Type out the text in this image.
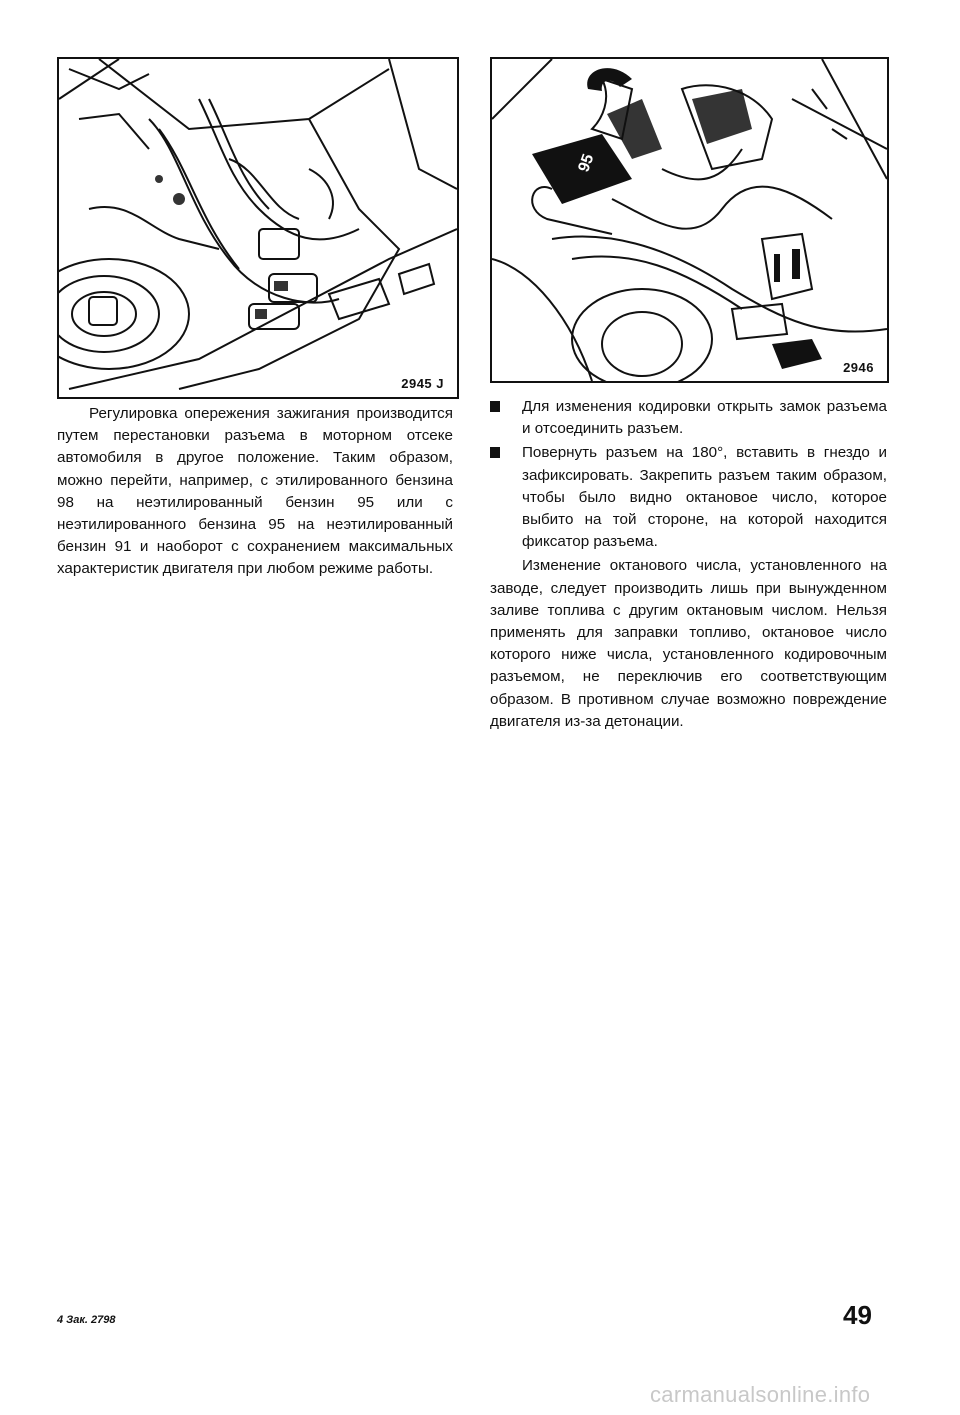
2945 J
95
2946

Регулировка опережения зажигания производится путем перестановки разъема в моторном отсеке автомобиля в другое положение. Таким образом, можно перейти, например, с этилированного бензина 98 на неэтилированный бензин 95 или с неэтилированного бензина 95 на неэтилированный бензин 91 и наоборот с сохранением максимальных характеристик двигателя при любом режиме работы.

Для изменения кодировки открыть замок разъема и отсоединить разъем.

Повернуть разъем на 180°, вставить в гнездо и зафиксировать. Закрепить разъем таким образом, чтобы было видно октановое число, которое выбито на той стороне, на которой находится фиксатор разъема.

Изменение октанового числа, установленного на заводе, следует производить лишь при вынужденном заливе топлива с другим октановым числом. Нельзя применять для заправки топливо, октановое число которого ниже числа, установленного кодировочным разъемом, не переключив его соответствующим образом. В противном случае возможно повреждение двигателя из-за детонации.

4 Зак. 2798	49
carmanualsonline.info
